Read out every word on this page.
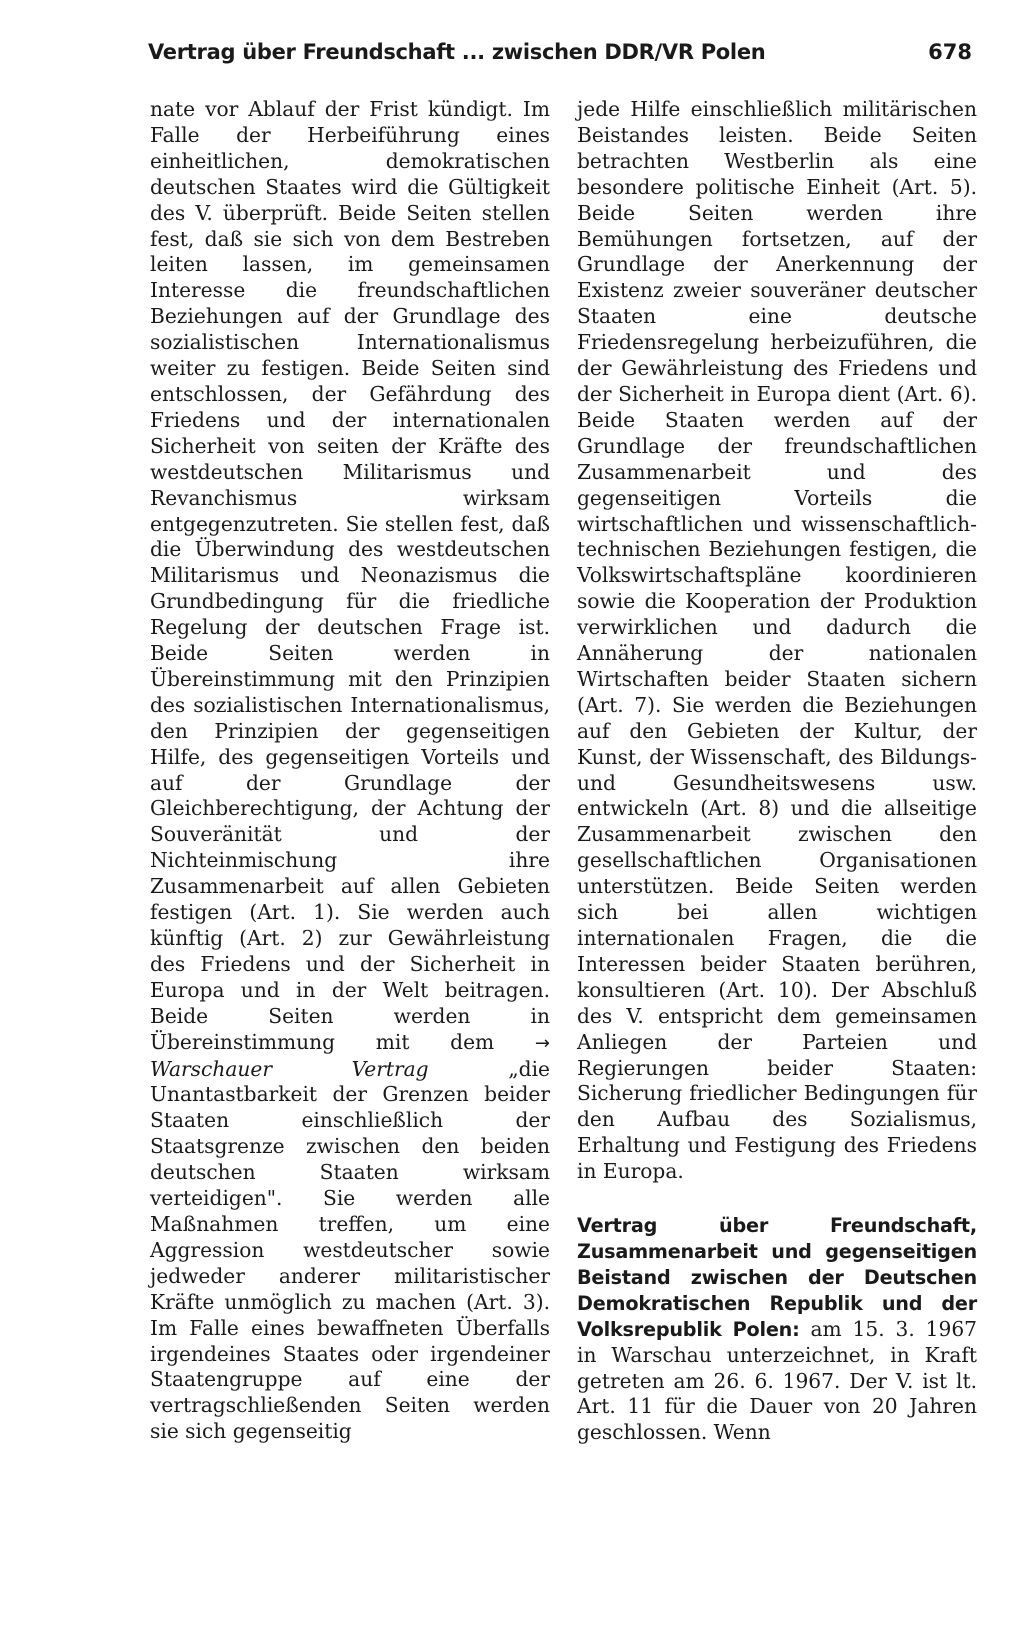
Vertrag über Freundschaft ... zwischen DDR/VR Polen	678

nate vor Ablauf der Frist kündigt. Im Falle der Herbeiführung eines einheitlichen, demokratischen deutschen Staates wird die Gültigkeit des V. überprüft. Beide Seiten stellen fest, daß sie sich von dem Bestreben leiten lassen, im gemeinsamen Interesse die freundschaftlichen Beziehungen auf der Grundlage des sozialistischen Internationalismus weiter zu festigen. Beide Seiten sind entschlossen, der Gefährdung des Friedens und der internationalen Sicherheit von seiten der Kräfte des westdeutschen Militarismus und Revanchismus wirksam entgegenzutreten. Sie stellen fest, daß die Überwindung des westdeutschen Militarismus und Neonazismus die Grundbedingung für die friedliche Regelung der deutschen Frage ist. Beide Seiten werden in Übereinstimmung mit den Prinzipien des sozialistischen Internationalismus, den Prinzipien der gegenseitigen Hilfe, des gegenseitigen Vorteils und auf der Grundlage der Gleichberechtigung, der Achtung der Souveränität und der Nichteinmischung ihre Zusammenarbeit auf allen Gebieten festigen (Art. 1). Sie werden auch künftig (Art. 2) zur Gewährleistung des Friedens und der Sicherheit in Europa und in der Welt beitragen. Beide Seiten werden in Übereinstimmung mit dem → Warschauer Vertrag	„die Unantastbarkeit der Grenzen beider Staaten einschließlich der Staatsgrenze zwischen den beiden deutschen Staaten wirksam verteidigen". Sie werden alle Maßnahmen treffen, um eine Aggression westdeutscher sowie jedweder anderer militaristischer Kräfte unmöglich zu machen (Art. 3). Im Falle eines bewaffneten Überfalls irgendeines Staates oder irgendeiner Staatengruppe auf eine der vertragschließenden Seiten werden sie sich gegenseitig

jede Hilfe einschließlich militärischen Beistandes leisten. Beide Seiten betrachten Westberlin als eine besondere politische Einheit (Art. 5). Beide Seiten werden ihre Bemühungen fortsetzen, auf der Grundlage der Anerkennung der Existenz zweier souveräner deutscher Staaten eine deutsche Friedensregelung herbeizuführen, die der Gewährleistung des Friedens und der Sicherheit in Europa dient (Art. 6). Beide Staaten werden auf der Grundlage der freundschaftlichen Zusammenarbeit und des gegenseitigen Vorteils die wirtschaftlichen und wissenschaftlich-technischen Beziehungen festigen, die Volkswirtschaftspläne koordinieren sowie die Kooperation der Produktion verwirklichen und dadurch die Annäherung der nationalen Wirtschaften beider Staaten sichern (Art. 7). Sie werden die Beziehungen auf den Gebieten der Kultur, der Kunst, der Wissenschaft, des Bildungs- und Gesundheitswesens usw. entwickeln (Art. 8) und die allseitige Zusammenarbeit zwischen den gesellschaftlichen Organisationen unterstützen. Beide Seiten werden sich bei allen wichtigen internationalen Fragen, die die Interessen beider Staaten berühren, konsultieren (Art. 10). Der Abschluß des V. entspricht dem gemeinsamen Anliegen der Parteien und Regierungen beider Staaten: Sicherung friedlicher Bedingungen für den Aufbau des Sozialismus, Erhaltung und Festigung des Friedens in Europa.

Vertrag über Freundschaft, Zusammenarbeit und gegenseitigen Beistand zwischen der Deutschen Demokratischen Republik und der Volksrepublik Polen: am 15. 3. 1967 in Warschau unterzeichnet, in Kraft getreten am 26. 6. 1967. Der V. ist lt. Art. 11 für die Dauer von 20 Jahren geschlossen. Wenn
